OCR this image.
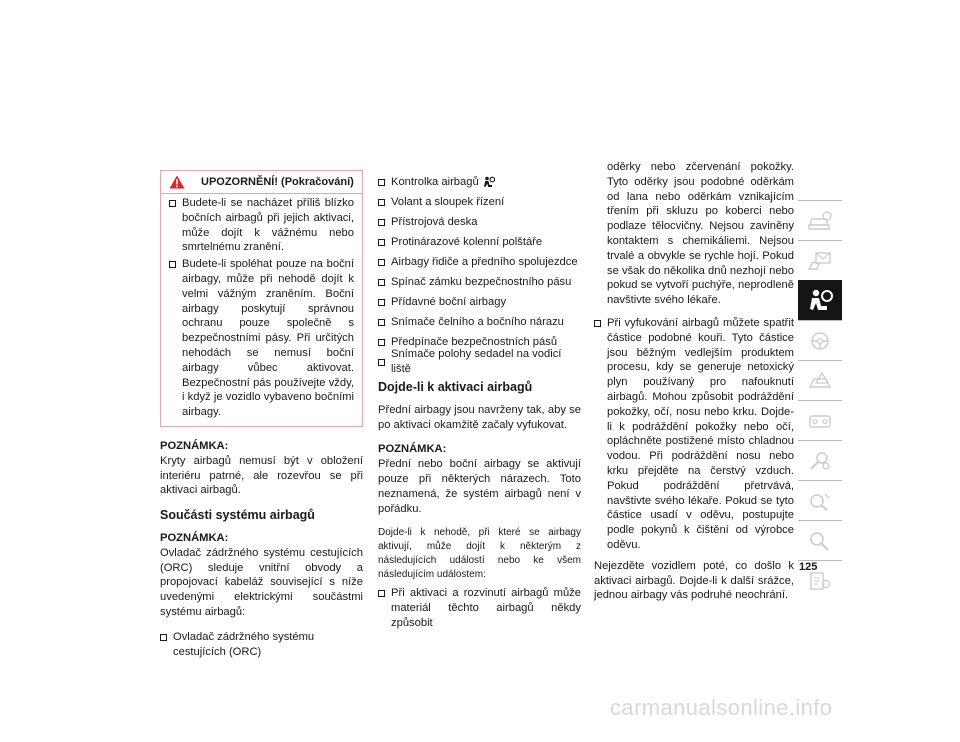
UPOZORNĚNÍ! (Pokračování)
Budete-li se nacházet příliš blízko bočních airbagů při jejich aktivaci, může dojít k vážnému nebo smrtelnému zranění.
Budete-li spoléhat pouze na boční airbagy, může při nehodě dojít k velmi vážným zraněním. Boční airbagy poskytují správnou ochranu pouze společně s bezpečnostními pásy. Při určitých nehodách se nemusí boční airbagy vůbec aktivovat. Bezpečnostní pás používejte vždy, i když je vozidlo vybaveno bočními airbagy.

POZNÁMKA:

Kryty airbagů nemusí být v obložení interiéru patrné, ale rozevřou se při aktivaci airbagů.

Součásti systému airbagů

POZNÁMKA:

Ovladač zádržného systému cestujících (ORC) sleduje vnitřní obvody a propojovací kabeláž související s níže uvedenými elektrickými součástmi systému airbagů:

Ovladač zádržného systému cestujících (ORC)
Kontrolka airbagů
Volant a sloupek řízení
Přístrojová deska
Protinárazové kolenní polštáře
Airbagy řidiče a předního spolujezdce
Spínač zámku bezpečnostního pásu
Přídavné boční airbagy
Snímače čelního a bočního nárazu
Předpínače bezpečnostních pásů
Snímače polohy sedadel na vodicí liště
Dojde-li k aktivaci airbagů

Přední airbagy jsou navrženy tak, aby se po aktivaci okamžitě začaly vyfukovat.

POZNÁMKA:

Přední nebo boční airbagy se aktivují pouze při některých nárazech. Toto neznamená, že systém airbagů není v pořádku.

Dojde-li k nehodě, při které se airbagy aktivují, může dojít k některým z následujících událostí nebo ke všem následujícím událostem:

Při aktivaci a rozvinutí airbagů může materiál těchto airbagů někdy způsobit
oděrky nebo zčervenání pokožky. Tyto oděrky jsou podobné oděrkám od lana nebo oděrkám vznikajícím třením při skluzu po koberci nebo podlaze tělocvičny. Nejsou zaviněny kontaktem s chemikáliemi. Nejsou trvalé a obvykle se rychle hojí. Pokud se však do několika dnů nezhojí nebo pokud se vytvoří puchýře, neprodleně navštivte svého lékaře.
Při vyfukování airbagů můžete spatřit částice podobné kouři. Tyto částice jsou běžným vedlejším produktem procesu, kdy se generuje netoxický plyn používaný pro nafouknutí airbagů. Mohou způsobit podráždění pokožky, očí, nosu nebo krku. Dojde-li k podráždění pokožky nebo očí, opláchněte postižené místo chladnou vodou. Při podráždění nosu nebo krku přejděte na čerstvý vzduch. Pokud podráždění přetrvává, navštivte svého lékaře. Pokud se tyto částice usadí v oděvu, postupujte podle pokynů k čištění od výrobce oděvu.

Nejezděte vozidlem poté, co došlo k aktivaci airbagů. Dojde-li k další srážce, jednou airbagy vás podruhé neochrání.

125
carmanualsonline.info
